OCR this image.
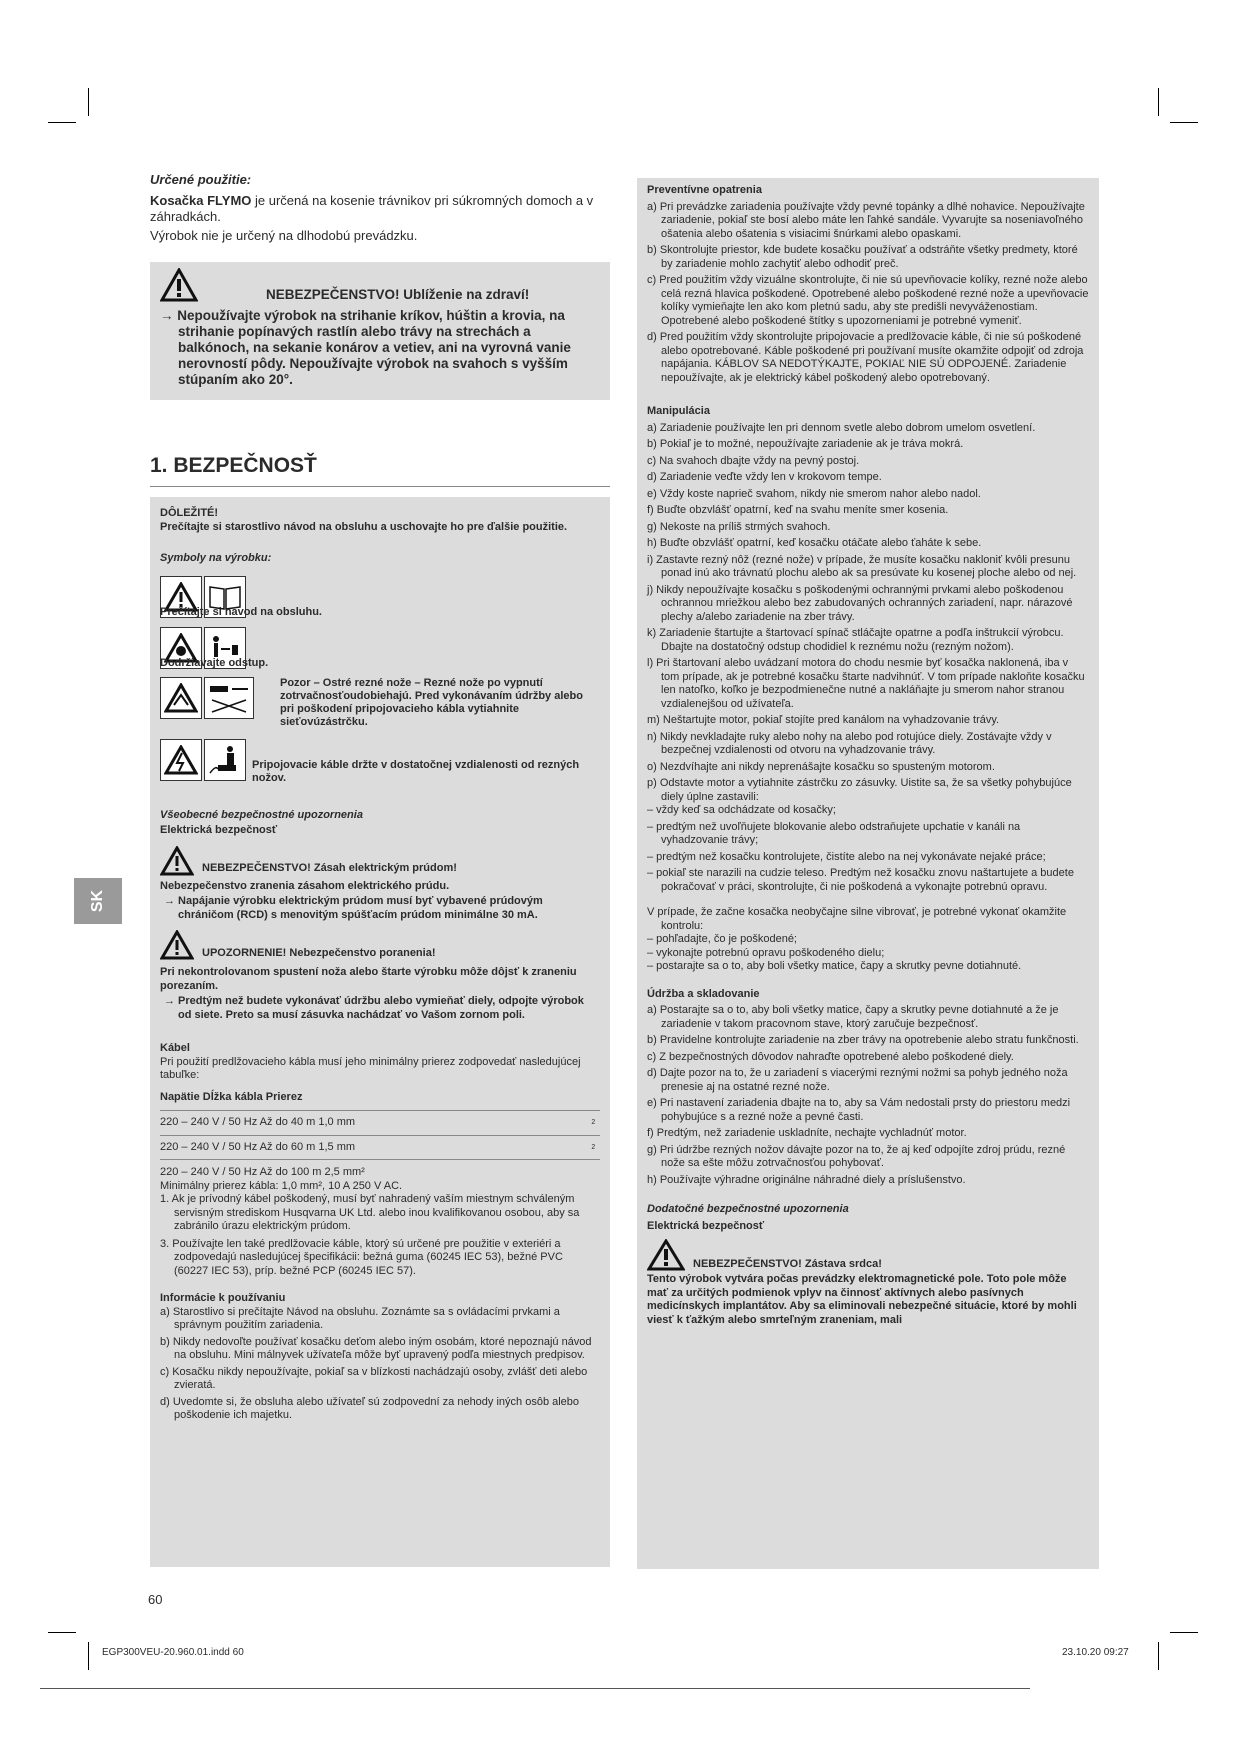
Určené použitie:

Kosačka FLYMO je určená na kosenie trávnikov pri súkromných domoch a v záhradkách.

Výrobok nie je určený na dlhodobú prevádzku.

NEBEZPEČENSTVO! Ublíženie na zdraví!
→ Nepoužívajte výrobok na strihanie kríkov, húštin a krovia, na strihanie popínavých rastlín alebo trávy na strechách a balkónoch, na sekanie konárov a vetiev, ani na vyrovná vanie nerovností pôdy. Nepoužívajte výrobok na svahoch s vyšším stúpaním ako 20°.
1. BEZPEČNOSŤ
DÔLEŽITÉ!
Prečítajte si starostlivo návod na obsluhu a uschovajte ho pre ďalšie použitie.
Symboly na výrobku:
Prečítajte si návod na obsluhu.
Dodržiavajte odstup.
Pozor – Ostré rezné nože – Rezné nože po vypnutí zotrvačnosťoudobiehajú. Pred vykonávaním údržby alebo pri poškodení pripojovacieho kábla vytiahnite sieťovúzástrčku.
Pripojovacie káble držte v dostatočnej vzdialenosti od rezných nožov.
Všeobecné bezpečnostné upozornenia
Elektrická bezpečnosť
NEBEZPEČENSTVO! Zásah elektrickým prúdom!
Nebezpečenstvo zranenia zásahom elektrického prúdu.
→ Napájanie výrobku elektrickým prúdom musí byť vybavené prúdovým chráničom (RCD) s menovitým spúšťacím prúdom minimálne 30 mA.
UPOZORNENIE! Nebezpečenstvo poranenia!
Pri nekontrolovanom spustení noža alebo štarte výrobku môže dôjsť k zraneniu porezaním.
→ Predtým než budete vykonávať údržbu alebo vymieňať diely, odpojte výrobok od siete. Preto sa musí zásuvka nachádzať vo Vašom zornom poli.
Kábel
Pri použití predlžovacieho kábla musí jeho minimálny prierez zodpovedať nasledujúcej tabuľke:
Napätie Dĺžka kábla Prierez
220 – 240 V / 50 Hz Až do 40 m 1,0 mm	2
220 – 240 V / 50 Hz Až do 60 m 1,5 mm	2
220 – 240 V / 50 Hz Až do 100 m 2,5 mm²
Minimálny prierez kábla: 1,0 mm², 10 A 250 V AC.
1. Ak je prívodný kábel poškodený, musí byť nahradený vaším miestnym schváleným servisným strediskom Husqvarna UK Ltd. alebo inou kvalifikovanou osobou, aby sa zabránilo úrazu elektrickým prúdom.
3. Používajte len také predlžovacie káble, ktorý sú určené pre použitie v exteriéri a zodpovedajú nasledujúcej špecifikácii: bežná guma (60245 IEC 53), bežné PVC (60227 IEC 53), príp. bežné PCP (60245 IEC 57).
Informácie k používaniu
a) Starostlivo si prečítajte Návod na obsluhu. Zoznámte sa s ovládacími prvkami a správnym použitím zariadenia.
b) Nikdy nedovoľte používať kosačku deťom alebo iným osobám, ktoré nepoznajú návod na obsluhu. Mini málnyvek užívateľa môže byť upravený podľa miestnych predpisov.
c) Kosačku nikdy nepoužívajte, pokiaľ sa v blízkosti nachádzajú osoby, zvlášť deti alebo zvieratá.
d) Uvedomte si, že obsluha alebo užívateľ sú zodpovední za nehody iných osôb alebo poškodenie ich majetku.
Preventívne opatrenia
a) Pri prevádzke zariadenia používajte vždy pevné topánky a dlhé nohavice. Nepoužívajte zariadenie, pokiaľ ste bosí alebo máte len ľahké sandále. Vyvarujte sa noseniavoľného ošatenia alebo ošatenia s visiacimi šnúrkami alebo opaskami.
b) Skontrolujte priestor, kde budete kosačku používať a odstráňte všetky predmety, ktoré by zariadenie mohlo zachytiť alebo odhodiť preč.
c) Pred použitím vždy vizuálne skontrolujte, či nie sú upevňovacie kolíky, rezné nože alebo celá rezná hlavica poškodené. Opotrebené alebo poškodené rezné nože a upevňovacie kolíky vymieňajte len ako kom pletnú sadu, aby ste predišli nevyváženostiam. Opotrebené alebo poškodené štítky s upozorneniami je potrebné vymeniť.
d) Pred použitím vždy skontrolujte pripojovacie a predlžovacie káble, či nie sú poškodené alebo opotrebované. Káble poškodené pri používaní musíte okamžite odpojiť od zdroja napájania. KÁBLOV SA NEDOTÝKAJTE, POKIAĽ NIE SÚ ODPOJENÉ. Zariadenie nepoužívajte, ak je elektrický kábel poškodený alebo opotrebovaný.
Manipulácia
a) Zariadenie používajte len pri dennom svetle alebo dobrom umelom osvetlení.
b) Pokiaľ je to možné, nepoužívajte zariadenie ak je tráva mokrá.
c) Na svahoch dbajte vždy na pevný postoj.
d) Zariadenie veďte vždy len v krokovom tempe.
e) Vždy koste naprieč svahom, nikdy nie smerom nahor alebo nadol.
f) Buďte obzvlášť opatrní, keď na svahu meníte smer kosenia.
g) Nekoste na príliš strmých svahoch.
h) Buďte obzvlášť opatrní, keď kosačku otáčate alebo ťaháte k sebe.
i) Zastavte rezný nôž (rezné nože) v prípade, že musíte kosačku nakloniť kvôli presunu ponad inú ako trávnatú plochu alebo ak sa presúvate ku kosenej ploche alebo od nej.
j) Nikdy nepoužívajte kosačku s poškodenými ochrannými prvkami alebo poškodenou ochrannou mriežkou alebo bez zabudovaných ochranných zariadení, napr. nárazové plechy a/alebo zariadenie na zber trávy.
k) Zariadenie štartujte a štartovací spínač stláčajte opatrne a podľa inštrukcií výrobcu. Dbajte na dostatočný odstup chodidiel k reznému nožu (rezným nožom).
l) Pri štartovaní alebo uvádzaní motora do chodu nesmie byť kosačka naklonená, iba v tom prípade, ak je potrebné kosačku štarte nadvihnúť. V tom prípade nakloňte kosačku len natoľko, koľko je bezpodmienečne nutné a nakláňajte ju smerom nahor stranou vzdialenejšou od užívateľa.
m) Neštartujte motor, pokiaľ stojíte pred kanálom na vyhadzovanie trávy.
n) Nikdy nevkladajte ruky alebo nohy na alebo pod rotujúce diely. Zostávajte vždy v bezpečnej vzdialenosti od otvoru na vyhadzovanie trávy.
o) Nezdvíhajte ani nikdy neprenášajte kosačku so spusteným motorom.
p) Odstavte motor a vytiahnite zástrčku zo zásuvky. Uistite sa, že sa všetky pohybujúce diely úplne zastavili:
– vždy keď sa odchádzate od kosačky;
– predtým než uvoľňujete blokovanie alebo odstraňujete upchatie v kanáli na vyhadzovanie trávy;
– predtým než kosačku kontrolujete, čistíte alebo na nej vykonávate nejaké práce;
– pokiaľ ste narazili na cudzie teleso. Predtým než kosačku znovu naštartujete a budete pokračovať v práci, skontrolujte, či nie poškodená a vykonajte potrebnú opravu.
V prípade, že začne kosačka neobyčajne silne vibrovať, je potrebné vykonať okamžite kontrolu:
– pohľadajte, čo je poškodené;
– vykonajte potrebnú opravu poškodeného dielu;
– postarajte sa o to, aby boli všetky matice, čapy a skrutky pevne dotiahnuté.
Údržba a skladovanie
a) Postarajte sa o to, aby boli všetky matice, čapy a skrutky pevne dotiahnuté a že je zariadenie v takom pracovnom stave, ktorý zaručuje bezpečnosť.
b) Pravidelne kontrolujte zariadenie na zber trávy na opotrebenie alebo stratu funkčnosti.
c) Z bezpečnostných dôvodov nahraďte opotrebené alebo poškodené diely.
d) Dajte pozor na to, že u zariadení s viacerými reznými nožmi sa pohyb jedného noža prenesie aj na ostatné rezné nože.
e) Pri nastavení zariadenia dbajte na to, aby sa Vám nedostali prsty do priestoru medzi pohybujúce s a rezné nože a pevné časti.
f) Predtým, než zariadenie uskladníte, nechajte vychladnúť motor.
g) Pri údržbe rezných nožov dávajte pozor na to, že aj keď odpojíte zdroj prúdu, rezné nože sa ešte môžu zotrvačnosťou pohybovať.
h) Používajte výhradne originálne náhradné diely a príslušenstvo.
Dodatočné bezpečnostné upozornenia
Elektrická bezpečnosť
NEBEZPEČENSTVO! Zástava srdca!
Tento výrobok vytvára počas prevádzky elektromagnetické pole. Toto pole môže mať za určitých podmienok vplyv na činnosť aktívnych alebo pasívnych medicínskych implantátov. Aby sa eliminovali nebezpečné situácie, ktoré by mohli viesť k ťažkým alebo smrteľným zraneniam, mali
SK
60
EGP300VEU-20.960.01.indd 60	23.10.20 09:27
